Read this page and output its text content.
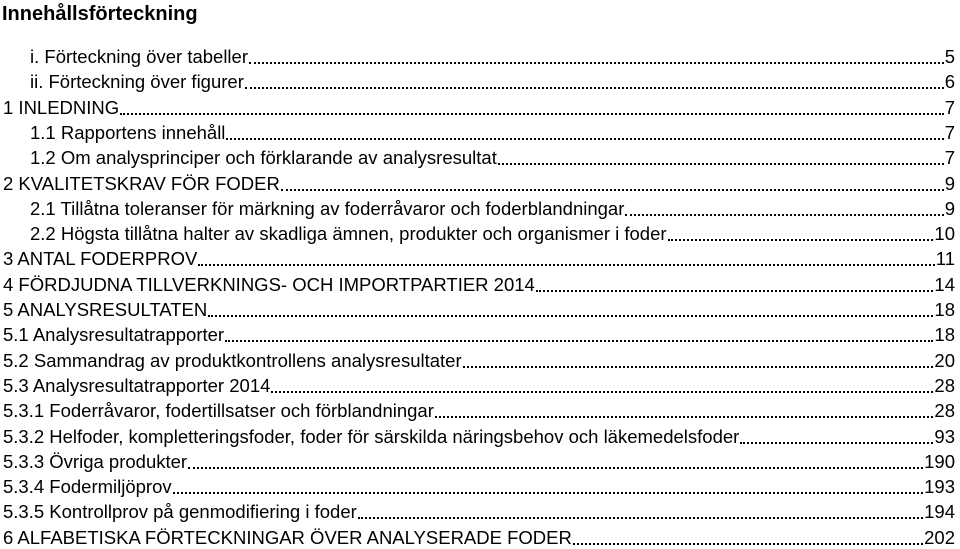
Innehållsförteckning
i. Förteckning över tabeller	5
ii. Förteckning över figurer	6
1 INLEDNING	7
1.1 Rapportens innehåll	7
1.2 Om analysprinciper och förklarande av analysresultat	7
2 KVALITETSKRAV FÖR FODER	9
2.1 Tillåtna toleranser för märkning av foderråvaror och foderblandningar	9
2.2 Högsta tillåtna halter av skadliga ämnen, produkter och organismer i foder	10
3 ANTAL FODERPROV	11
4 FÖRDJUDNA TILLVERKNINGS- OCH IMPORTPARTIER 2014	14
5 ANALYSRESULTATEN	18
5.1 Analysresultatrapporter	18
5.2 Sammandrag av produktkontrollens analysresultater	20
5.3 Analysresultatrapporter 2014	28
5.3.1 Foderråvaror, fodertillsatser och förblandningar	28
5.3.2 Helfoder, kompletteringsfoder, foder för särskilda näringsbehov och läkemedelsfoder	93
5.3.3 Övriga produkter	190
5.3.4 Fodermiljöprov	193
5.3.5 Kontrollprov på genmodifiering i foder	194
6 ALFABETISKA FÖRTECKNINGAR ÖVER ANALYSERADE FODER	202
